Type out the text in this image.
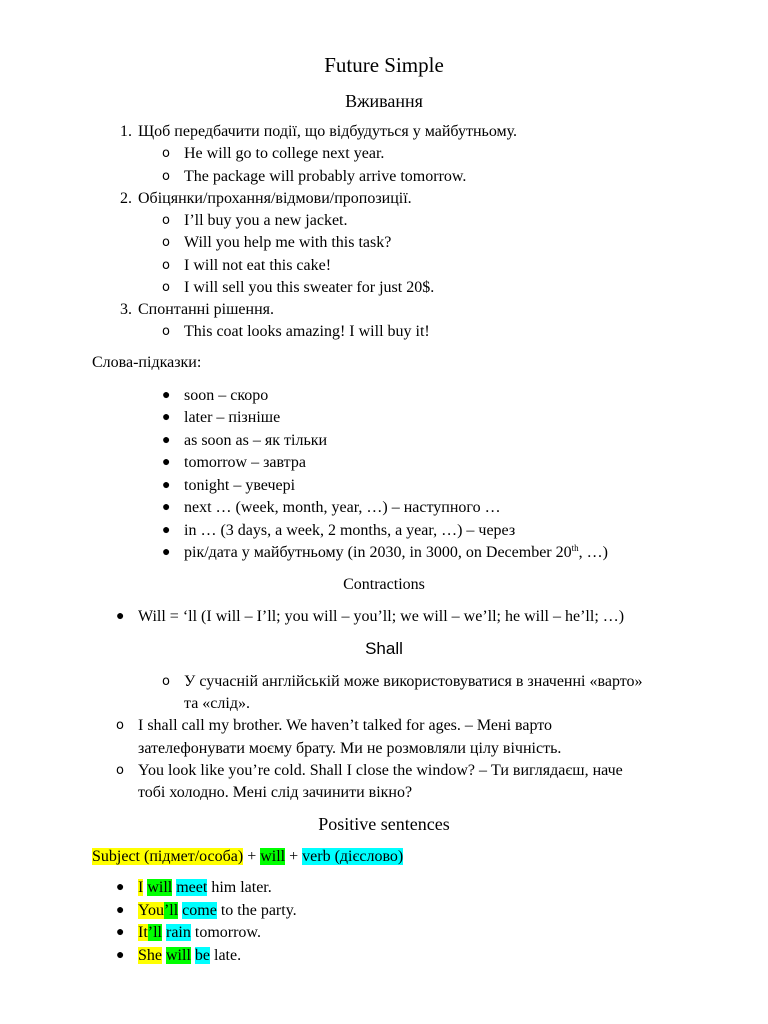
Future Simple
Вживання
1. Щоб передбачити події, що відбудуться у майбутньому.
o He will go to college next year.
o The package will probably arrive tomorrow.
2. Обіцянки/прохання/відмови/пропозиції.
o I’ll buy you a new jacket.
o Will you help me with this task?
o I will not eat this cake!
o I will sell you this sweater for just 20$.
3. Спонтанні рішення.
o This coat looks amazing! I will buy it!
Слова-підказки:
● soon – скоро
● later – пізніше
● as soon as – як тільки
● tomorrow – завтра
● tonight – увечері
● next … (week, month, year, …) – наступного …
● in … (3 days, a week, 2 months, a year, …) – через
● рік/дата у майбутньому (in 2030, in 3000, on December 20th, …)
Contractions
● Will = ‘ll (I will – I’ll; you will – you’ll; we will – we’ll; he will – he’ll; …)
Shall
o У сучасній англійській може використовуватися в значенні «варто»
та «слід».
o I shall call my brother. We haven’t talked for ages. – Мені варто
зателефонувати моєму брату. Ми не розмовляли цілу вічність.
o You look like you’re cold. Shall I close the window? – Ти виглядаєш, наче
тобі холодно. Мені слід зачинити вікно?
Positive sentences
Subject (підмет/особа) + will + verb (дієслово)
● I will meet him later.
● You’ll come to the party.
● It’ll rain tomorrow.
● She will be late.
